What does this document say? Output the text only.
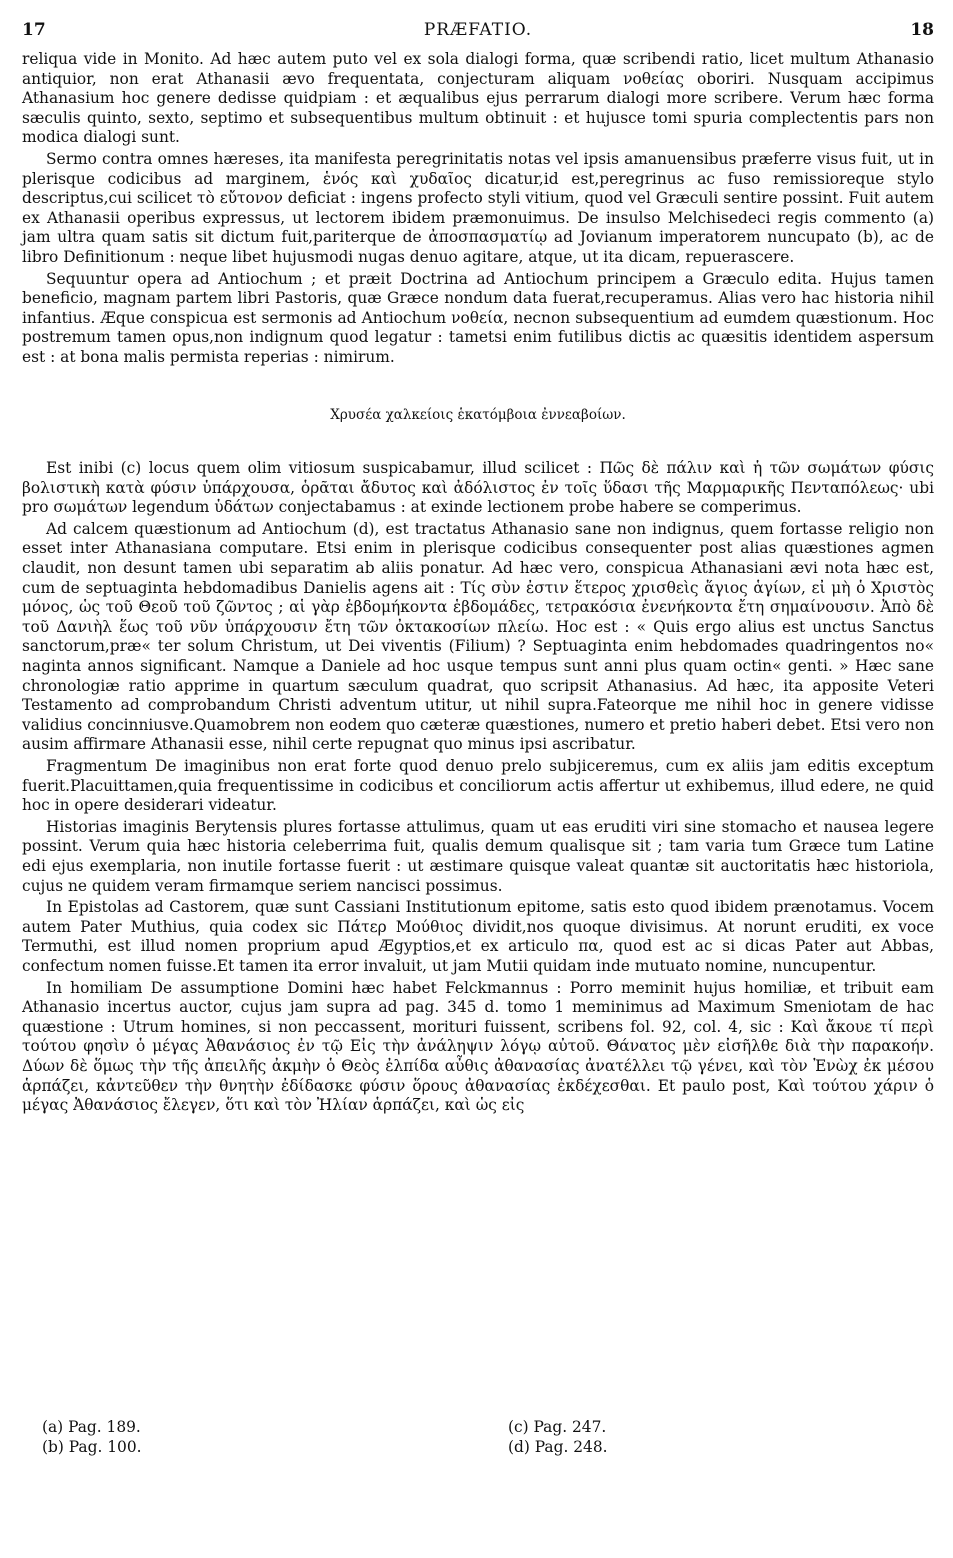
17	PRÆFATIO.	18

reliqua vide in Monito. Ad hæc autem puto vel ex sola dialogi forma, quæ scribendi ratio, licet multum Athanasio antiquior, non erat Athanasii ævo frequentata, conjecturam aliquam νοθείας oboriri. Nusquam accipimus Athanasium hoc genere dedisse quidpiam : et æqualibus ejus perrarum dialogi more scribere. Verum hæc forma sæculis quinto, sexto, septimo et subsequentibus multum obtinuit : et hujusce tomi spuria complectentis pars non modica dialogi sunt.

Sermo contra omnes hæreses, ita manifesta peregrinitatis notas vel ipsis amanuensibus præferre visus fuit, ut in plerisque codicibus ad marginem, ἑνός καὶ χυδαῖος dicatur,id est,peregrinus ac fuso remissioreque stylo descriptus,cui scilicet τὸ εὔτονον deficiat : ingens profecto styli vitium, quod vel Græculi sentire possint. Fuit autem ex Athanasii operibus expressus, ut lectorem ibidem præmonuimus. De insulso Melchisedeci regis commento (a) jam ultra quam satis sit dictum fuit,pariterque de ἀποσπασματίῳ ad Jovianum imperatorem nuncupato (b), ac de libro Definitionum : neque libet hujusmodi nugas denuo agitare, atque, ut ita dicam, repuerascere.

Sequuntur opera ad Antiochum ; et præit Doctrina ad Antiochum principem a Græculo edita. Hujus tamen beneficio, magnam partem libri Pastoris, quæ Græce nondum data fuerat,recuperamus. Alias vero hac historia nihil infantius. Æque conspicua est sermonis ad Antiochum νοθεία, necnon subsequentium ad eumdem quæstionum. Hoc postremum tamen opus,non indignum quod legatur : tametsi enim futilibus dictis ac quæsitis identidem aspersum est : at bona malis permista reperias : nimirum.

Χρυσέα χαλκείοις ἑκατόμβοια ἐννεαβοίων.

Est inibi (c) locus quem olim vitiosum suspicabamur, illud scilicet : Πῶς δὲ πάλιν καὶ ἡ τῶν σωμάτων φύσις βολιστικὴ κατὰ φύσιν ὑπάρχουσα, ὁρᾶται ἄδυτος καὶ ἀδόλιστος ἐν τοῖς ὕδασι τῆς Μαρμαρικῆς Πενταπόλεως· ubi pro σωμάτων legendum ὑδάτων conjectabamus : at exinde lectionem probe habere se comperimus.

Ad calcem quæstionum ad Antiochum (d), est tractatus Athanasio sane non indignus, quem fortasse religio non esset inter Athanasiana computare. Etsi enim in plerisque codicibus consequenter post alias quæstiones agmen claudit, non desunt tamen ubi separatim ab aliis ponatur. Ad hæc vero, conspicua Athanasiani ævi nota hæc est, cum de septuaginta hebdomadibus Danielis agens ait : Τίς σὺν ἐστιν ἕτερος χρισθεὶς ἅγιος ἁγίων, εἰ μὴ ὁ Χριστὸς μόνος, ὡς τοῦ Θεοῦ τοῦ ζῶντος ; αἱ γὰρ ἑβδομήκοντα ἑβδομάδες, τετρακόσια ἐνενήκοντα ἔτη σημαίνουσιν. Ἀπὸ δὲ τοῦ Δανιὴλ ἕως τοῦ νῦν ὑπάρχουσιν ἔτη τῶν ὀκτακοσίων πλείω. Hoc est : « Quis ergo alius est unctus Sanctus sanctorum,præ« ter solum Christum, ut Dei viventis (Filium) ? Septuaginta enim hebdomades quadringentos no« naginta annos significant. Namque a Daniele ad hoc usque tempus sunt anni plus quam octin« genti. » Hæc sane chronologiæ ratio apprime in quartum sæculum quadrat, quo scripsit Athanasius. Ad hæc, ita apposite Veteri Testamento ad comprobandum Christi adventum utitur, ut nihil supra.Fateorque me nihil hoc in genere vidisse validius concinniusve.Quamobrem non eodem quo cæteræ quæstiones, numero et pretio haberi debet. Etsi vero non ausim affirmare Athanasii esse, nihil certe repugnat quo minus ipsi ascribatur.

Fragmentum De imaginibus non erat forte quod denuo prelo subjiceremus, cum ex aliis jam editis exceptum fuerit.Placuittamen,quia frequentissime in codicibus et conciliorum actis affertur ut exhibemus, illud edere, ne quid hoc in opere desiderari videatur.

Historias imaginis Berytensis plures fortasse attulimus, quam ut eas eruditi viri sine stomacho et nausea legere possint. Verum quia hæc historia celeberrima fuit, qualis demum qualisque sit ; tam varia tum Græce tum Latine edi ejus exemplaria, non inutile fortasse fuerit : ut æstimare quisque valeat quantæ sit auctoritatis hæc historiola, cujus ne quidem veram firmamque seriem nancisci possimus.

In Epistolas ad Castorem, quæ sunt Cassiani Institutionum epitome, satis esto quod ibidem prænotamus. Vocem autem Pater Muthius, quia codex sic Πάτερ Μούθιος dividit,nos quoque divisimus. At norunt eruditi, ex voce Termuthi, est illud nomen proprium apud Ægyptios,et ex articulo πα, quod est ac si dicas Pater aut Abbas, confectum nomen fuisse.Et tamen ita error invaluit, ut jam Mutii quidam inde mutuato nomine, nuncupentur.

In homiliam De assumptione Domini hæc habet Felckmannus : Porro meminit hujus homiliæ, et tribuit eam Athanasio incertus auctor, cujus jam supra ad pag. 345 d. tomo 1 meminimus ad Maximum Smeniotam de hac quæstione : Utrum homines, si non peccassent, morituri fuissent, scribens fol. 92, col. 4, sic : Καὶ ἄκουε τί περὶ τούτου φησὶν ὁ μέγας Ἀθανάσιος ἐν τῷ Εἰς τὴν ἀνάληψιν λόγῳ αὐτοῦ. Θάνατος μὲν εἰσῆλθε διὰ τὴν παρακοήν. Δύων δὲ ὅμως τὴν τῆς ἀπειλῆς ἀκμὴν ὁ Θεὸς ἐλπίδα αὖθις ἀθανασίας ἀνατέλλει τῷ γένει, καὶ τὸν Ἐνὼχ ἐκ μέσου ἁρπάζει, κἀντεῦθεν τὴν θνητὴν ἐδίδασκε φύσιν ὅρους ἀθανασίας ἐκδέχεσθαι. Et paulo post, Καὶ τούτου χάριν ὁ μέγας Ἀθανάσιος ἔλεγεν, ὅτι καὶ τὸν Ἠλίαν ἁρπάζει, καὶ ὡς εἰς

(a) Pag. 189.
(b) Pag. 100.
(c) Pag. 247.
(d) Pag. 248.
